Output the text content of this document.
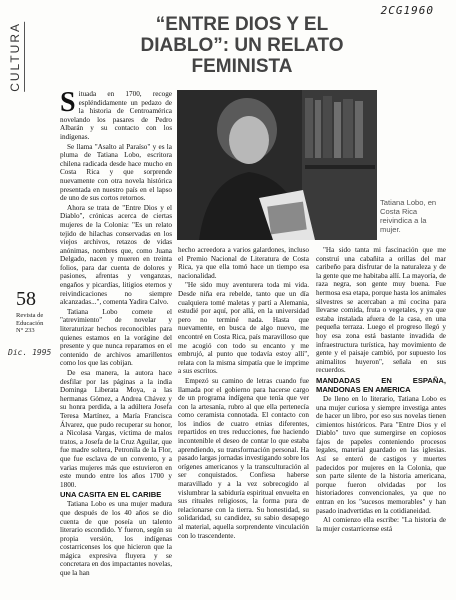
2CG1960
CULTURA	“ENTRE DIOS Y EL DIABLO”: UN RELATO FEMINISTA
58
Revista de Educación N° 233
Dic. 1995

Situada en 1700, recoge espléndidamente un pedazo de la historia de Centroamérica novelando los pasares de Pedro Albarán y su contacto con los indígenas.

Se llama "Asalto al Paraíso" y es la pluma de Tatiana Lobo, escritora chilena radicada desde hace mucho en Costa Rica y que sorprende nuevamente con otra novela histórica presentada en nuestro país en el lapso de uno de sus cortos retornos.

Ahora se trata de "Entre Dios y el Diablo", crónicas acerca de ciertas mujeres de la Colonia: "Es un relato tejido de hilachas conservadas en los viejos archivos, retazos de vidas anónimas, nombres que, como Juana Delgado, nacen y mueren en treinta folios, para dar cuenta de dolores y pasiones, afrentas y venganzas, engaños y picardías, litigios eternos y reivindicaciones no siempre alcanzadas...", comenta Yadira Calvo.

Tatiana Lobo comete el "atrevimiento" de novelar y literaturizar hechos reconocibles para quienes estamos en la vorágine del presente y que nunca reparamos en el contenido de archivos amarillentos como los que las cobijan.

De esa manera, la autora hace desfilar por las páginas a la india Dominga Liberata Moya, a las hermanas Gómez, a Andrea Chávez y su honra perdida, a la adúltera Josefa Teresa Martínez, a María Francisca Álvarez, que pudo recuperar su honor, a Nicolasa Vargas, víctima de malos tratos, a Josefa de la Cruz Aguilar, que fue madre soltera, Petronila de la Flor, que fue esclava de un convento, y a varias mujeres más que estuvieron en este mundo entre los años 1700 y 1800.

UNA CASITA EN EL CARIBE

Tatiana Lobo es una mujer madura que después de los 40 años se dio cuenta de que poseía un talento literario escondido. Y fueron, según su propia versión, los indígenas costarricenses los que hicieron que la mágica expresiva fluyera y se concretara en dos impactantes novelas, que la han

Tatiana Lobo, en Costa Rica reivindica a la mujer.

hecho acreedora a varios galardones, incluso el Premio Nacional de Literatura de Costa Rica, ya que ella tomó hace un tiempo esa nacionalidad.

"He sido muy aventurera toda mi vida. Desde niña era rebelde, tanto que un día cualquiera tomé maletas y partí a Alemania, estudié por aquí, por allá, en la universidad pero no terminé nada. Hasta que nuevamente, en busca de algo nuevo, me encontré en Costa Rica, país maravilloso que me acogió con todo su encanto y me embrujó, al punto que todavía estoy allí", relata con la misma simpatía que le imprime a sus escritos.

Empezó su camino de letras cuando fue llamada por el gobierno para hacerse cargo de un programa indígena que tenía que ver con la artesanía, rubro al que ella pertenecía como ceramista connotada. El contacto con los indios de cuatro etnias diferentes, repartidos en tres reducciones, fue haciendo incontenible el deseo de contar lo que estaba aprendiendo, su transformación personal. Ha pasado largas jornadas investigando sobre los orígenes americanos y la transculturación al ser conquistados. Confiesa haberse maravillado y a la vez sobrecogido al vislumbrar la sabiduría espiritual envuelta en sus rituales religiosos, la forma pura de relacionarse con la tierra. Su honestidad, su solidaridad, su candidez, su sabio desapego al material, aquella sorprendente vinculación con lo trascendente.

"Ha sido tanta mi fascinación que me construí una cabañita a orillas del mar caribeño para disfrutar de la naturaleza y de la gente que me habitaba allí. La mayoría, de raza negra, son gente muy buena. Fue hermosa esa etapa, porque hasta los animales silvestres se acercaban a mi cocina para llevarse comida, fruta o vegetales, y ya que estaba instalada afuera de la casa, en una pequeña terraza. Luego el progreso llegó y hoy esa zona está bastante invadida de infraestructura turística, hay movimiento de gente y el paisaje cambió, por supuesto los animalitos huyeron", señala en sus recuerdos.

MANDADAS EN ESPAÑA, MANDONAS EN AMERICA

De lleno en lo literario, Tatiana Lobo es una mujer curiosa y siempre investiga antes de hacer un libro, por eso sus novelas tienen cimientos históricos. Para "Entre Dios y el Diablo" tuvo que sumergirse en copiosos fajos de papeles conteniendo procesos legales, material guardado en las iglesias. Así se enteró de castigos y muertes padecidos por mujeres en la Colonia, que son parte silente de la historia americana, porque fueron olvidadas por los historiadores convencionales, ya que no entran en los "sucesos memorables" y han pasado inadvertidas en la cotidianeidad.

Al comienzo ella escribe: "La historia de la mujer costarricense está
